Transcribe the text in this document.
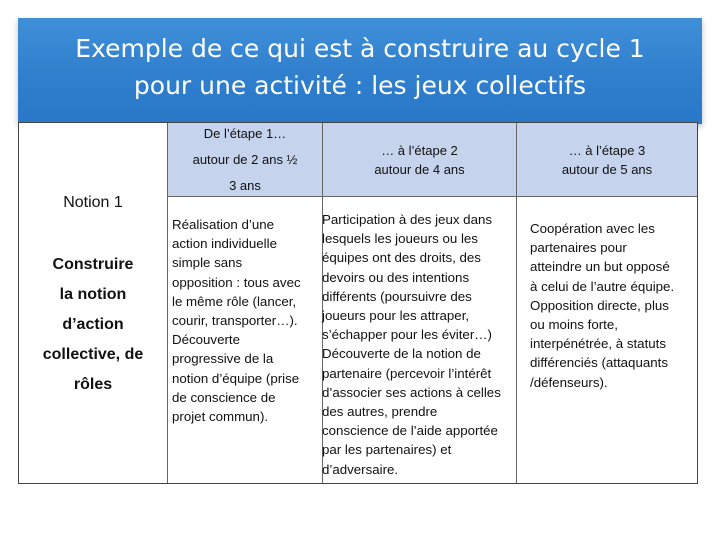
Exemple de ce qui est à construire au cycle 1
pour une activité : les jeux collectifs
De l’étape 1…
autour de 2 ans ½
3 ans
… à l’étape 2
autour de 4 ans
… à l’étape 3
autour de 5 ans
Notion 1
Construire
la notion
d’action
collective, de
rôles
Réalisation d’une
action individuelle
simple sans
opposition : tous avec
le même rôle (lancer,
courir, transporter…).
Découverte
progressive de la
notion d’équipe (prise
de conscience de
projet commun).
Participation à des jeux dans
lesquels les joueurs ou les
équipes ont des droits, des
devoirs ou des intentions
différents (poursuivre des
joueurs pour les attraper,
s’échapper pour les éviter…)
Découverte de la notion de
partenaire (percevoir l’intérêt
d’associer ses actions à celles
des autres, prendre
conscience de l’aide apportée
par les partenaires) et
d’adversaire.
Coopération avec les
partenaires pour
atteindre un but opposé
à celui de l’autre équipe.
Opposition directe, plus
ou moins forte,
interpénétrée, à statuts
différenciés (attaquants
/défenseurs).
